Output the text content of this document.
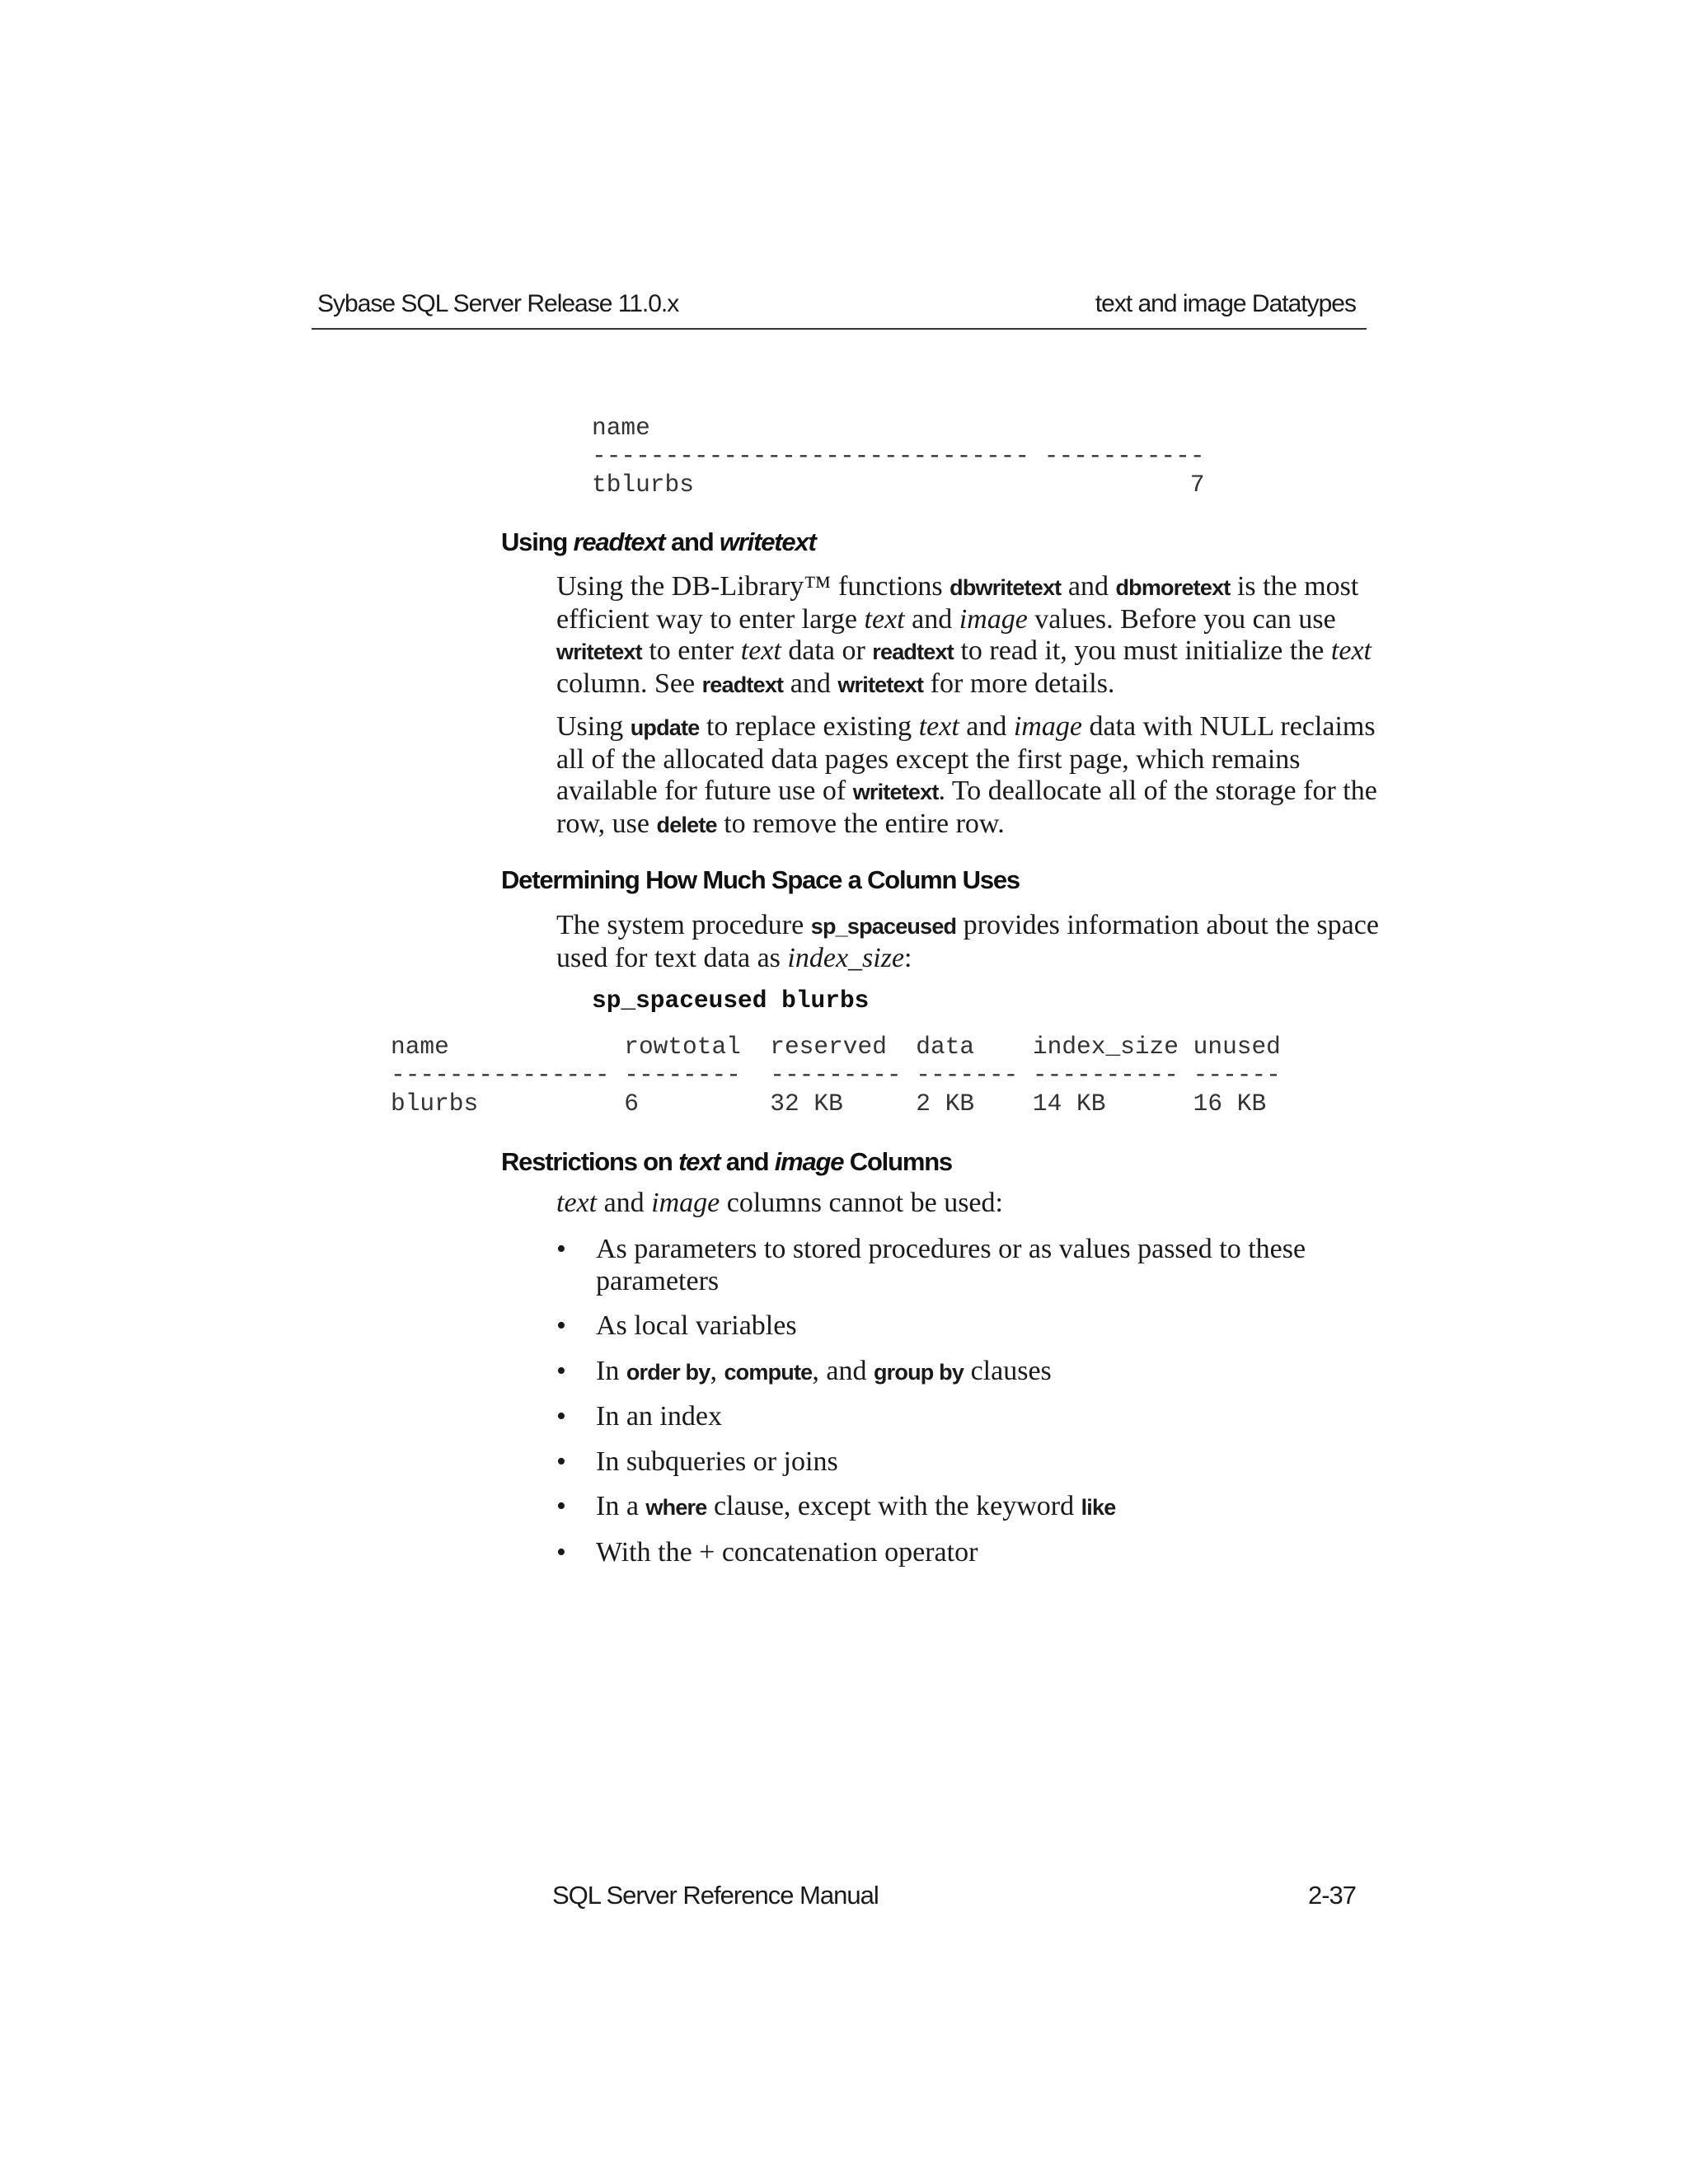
Sybase SQL Server Release 11.0.x	text and image Datatypes
name
------------------------------ -----------
tblurbs                                  7
Using readtext and writetext
Using the DB-Library™ functions dbwritetext and dbmoretext is the most efficient way to enter large text and image values. Before you can use writetext to enter text data or readtext to read it, you must initialize the text column. See readtext and writetext for more details.
Using update to replace existing text and image data with NULL reclaims all of the allocated data pages except the first page, which remains available for future use of writetext. To deallocate all of the storage for the row, use delete to remove the entire row.
Determining How Much Space a Column Uses
The system procedure sp_spaceused provides information about the space used for text data as index_size:
sp_spaceused blurbs
name            rowtotal  reserved  data    index_size unused
--------------- --------  --------- ------- ---------- ------
blurbs          6         32 KB     2 KB    14 KB      16 KB
Restrictions on text and image Columns
text and image columns cannot be used:
• As parameters to stored procedures or as values passed to these parameters
• As local variables
• In order by, compute, and group by clauses
• In an index
• In subqueries or joins
• In a where clause, except with the keyword like
• With the + concatenation operator
SQL Server Reference Manual	2-37
